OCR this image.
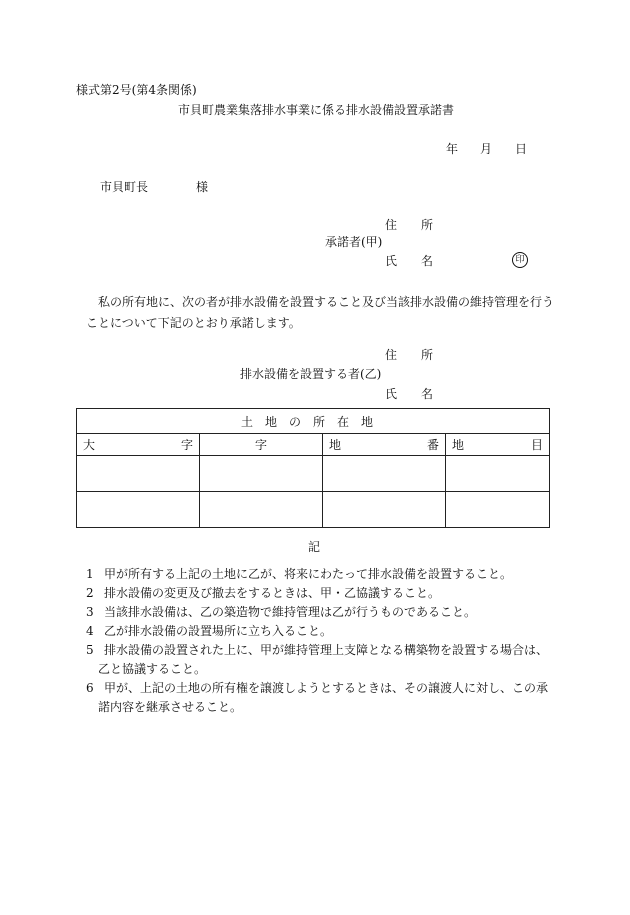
様式第2号(第4条関係)
市貝町農業集落排水事業に係る排水設備設置承諾書
年 月 日
市貝町長	様
住　所
承諾者(甲)
氏　名	印
私の所有地に、次の者が排水設備を設置すること及び当該排水設備の維持管理を行うことについて下記のとおり承諾します。
住　所
排水設備を設置する者(乙)
氏　名
土地の所在地			

大 字	字	地 番	地 目

記
1 甲が所有する上記の土地に乙が、将来にわたって排水設備を設置すること。
2 排水設備の変更及び撤去をするときは、甲・乙協議すること。
3 当該排水設備は、乙の築造物で維持管理は乙が行うものであること。
4 乙が排水設備の設置場所に立ち入ること。
5 排水設備の設置された上に、甲が維持管理上支障となる構築物を設置する場合は、
乙と協議すること。
6 甲が、上記の土地の所有権を譲渡しようとするときは、その譲渡人に対し、この承
諾内容を継承させること。
